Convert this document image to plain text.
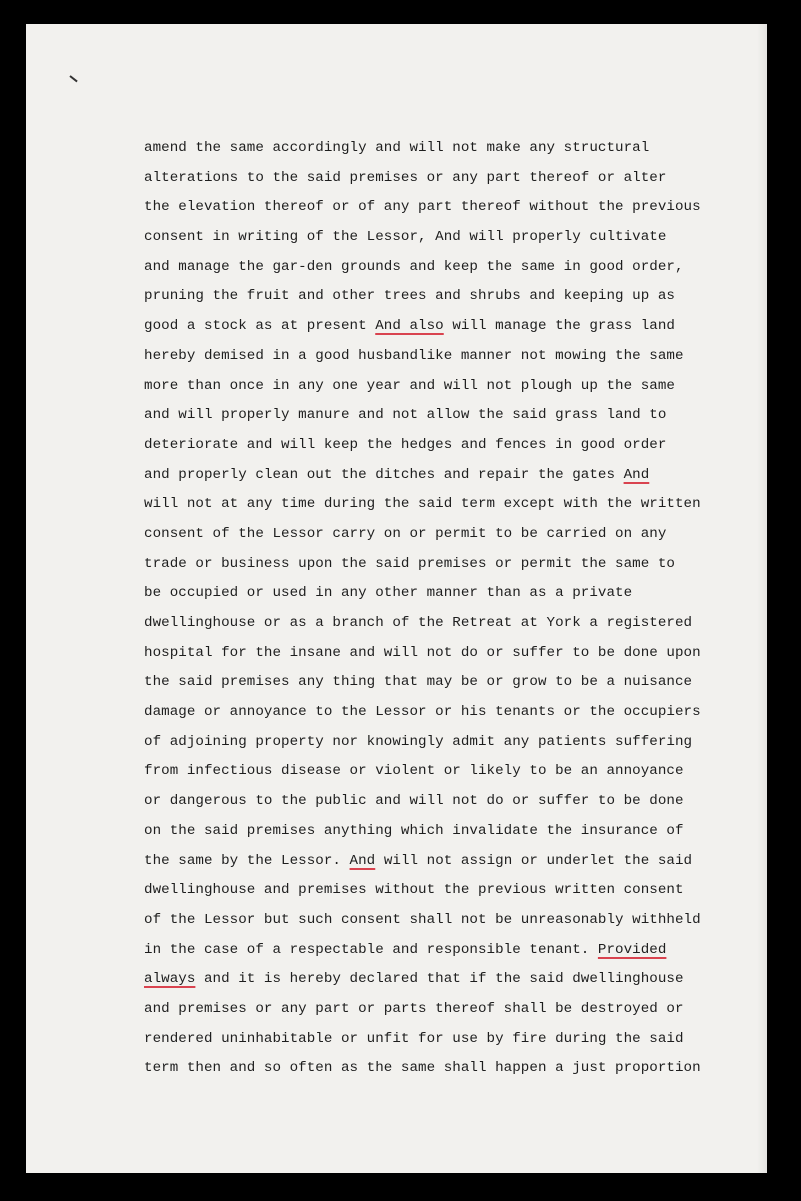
amend the same accordingly and will not make any structural
alterations to the said premises or any part thereof or alter
the elevation thereof or of any part thereof without the previous
consent in writing of the Lessor, And will properly cultivate
and manage the gar-den grounds and keep the same in good order,
pruning the fruit and other trees and shrubs and keeping up as
good a stock as at present And also will manage the grass land
hereby demised in a good husbandlike manner not mowing the same
more than once in any one year and will not plough up the same
and will properly manure and not allow the said grass land to
deteriorate and will keep the hedges and fences in good order
and properly clean out the ditches and repair the gates And
will not at any time during the said term except with the written
consent of the Lessor carry on or permit to be carried on any
trade or business upon the said premises or permit the same to
be occupied or used in any other manner than as a private
dwellinghouse or as a branch of the Retreat at York a registered
hospital for the insane and will not do or suffer to be done upon
the said premises any thing that may be or grow to be a nuisance
damage or annoyance to the Lessor or his tenants or the occupiers
of adjoining property nor knowingly admit any patients suffering
from infectious disease or violent or likely to be an annoyance
or dangerous to the public and will not do or suffer to be done
on the said premises anything which invalidate the insurance of
the same by the Lessor. And will not assign or underlet the said
dwellinghouse and premises without the previous written consent
of the Lessor but such consent shall not be unreasonably withheld
in the case of a respectable and responsible tenant. Provided
always and it is hereby declared that if the said dwellinghouse
and premises or any part or parts thereof shall be destroyed or
rendered uninhabitable or unfit for use by fire during the said
term then and so often as the same shall happen a just proportion
